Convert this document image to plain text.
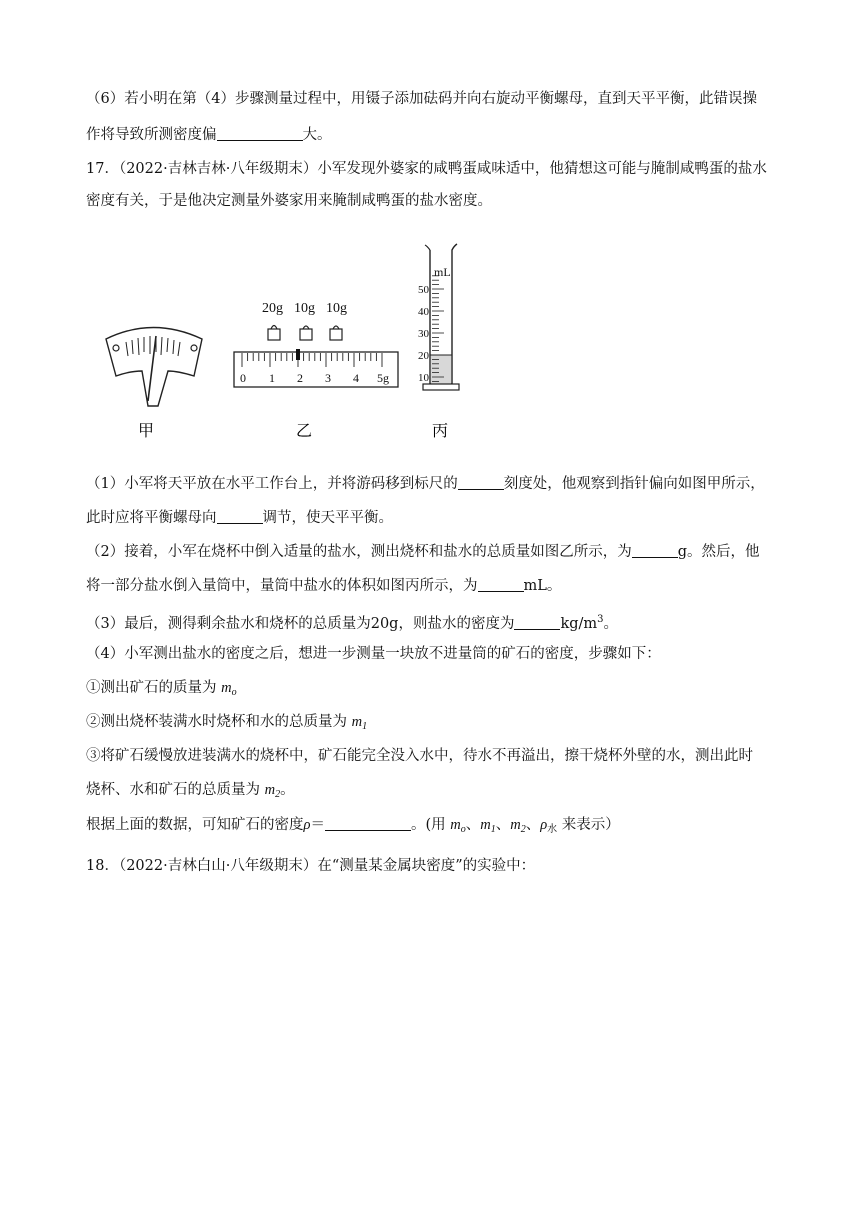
（6）若小明在第（4）步骤测量过程中，用镊子添加砝码并向右旋动平衡螺母，直到天平平衡，此错误操
作将导致所测密度偏	大。
17．（2022·吉林吉林·八年级期末）小军发现外婆家的咸鸭蛋咸味适中，他猜想这可能与腌制咸鸭蛋的盐水
密度有关，于是他决定测量外婆家用来腌制咸鸭蛋的盐水密度。
20g 10g 10g
0 1 2 3 4 5g
mL
50
40
30
20
10
甲	乙	丙
（1）小军将天平放在水平工作台上，并将游码移到标尺的	刻度处，他观察到指针偏向如图甲所示，
此时应将平衡螺母向	调节，使天平平衡。
（2）接着，小军在烧杯中倒入适量的盐水，测出烧杯和盐水的总质量如图乙所示，为	g。然后，他
将一部分盐水倒入量筒中，量筒中盐水的体积如图丙所示，为	mL。
（3）最后，测得剩余盐水和烧杯的总质量为20g，则盐水的密度为	$kg/m^3$。
（4）小军测出盐水的密度之后，想进一步测量一块放不进量筒的矿石的密度，步骤如下：
①测出矿石的质量为 $m_o$
②测出烧杯装满水时烧杯和水的总质量为 $m_1$
③将矿石缓慢放进装满水的烧杯中，矿石能完全没入水中，待水不再溢出，擦干烧杯外壁的水，测出此时
烧杯、水和矿石的总质量为 $m_2$。
根据上面的数据，可知矿石的密度ρ＝	。(用 $m_o$、$m_1$、$m_2$、$\rho_水$ 来表示）
18．（2022·吉林白山·八年级期末）在“测量某金属块密度”的实验中：
